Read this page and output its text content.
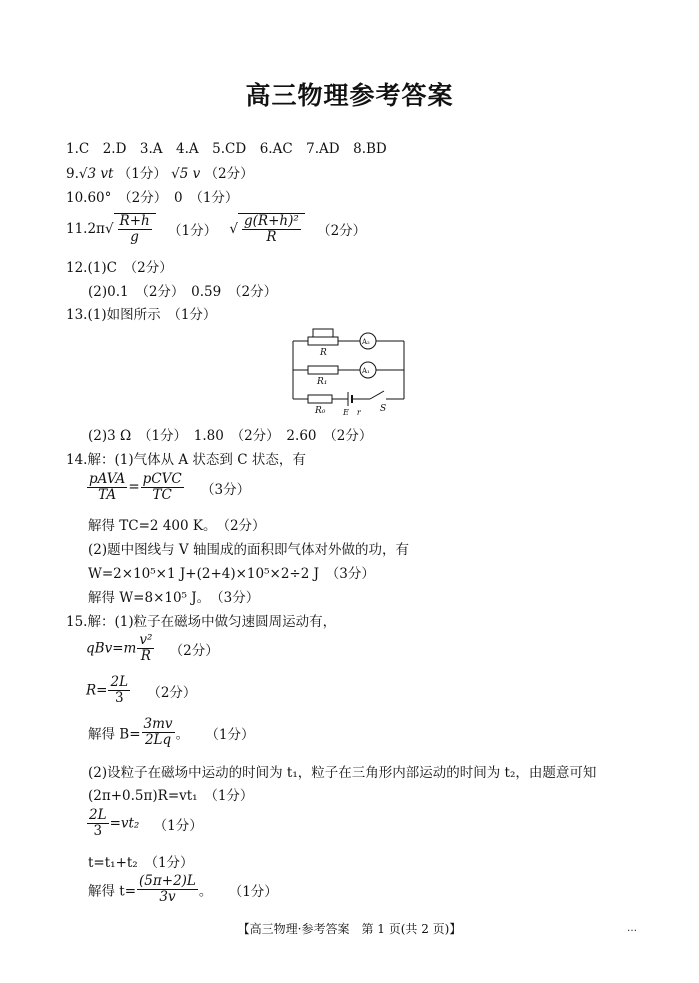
高三物理参考答案
1.C　2.D　3.A　4.A　5.CD　6.AC　7.AD　8.BD
9.√3 vt （1分） √5 v （2分）
10.60°　（2分）　0　（1分）
$11.2\pi√ \frac{R+h}{g} (1$分） √ $\frac{\text{g(R+h)²}}{R} (2$分）
12.(1)C　（2分）
(2)0.1　（2分）　0.59　（2分）
13.(1)如图所示　（1分）
R
A₂
A₁
R₁
R₀ E　r S
(2)3 Ω　（1分）　1.80　（2分）　2.60　（2分）
14.解：(1)气体从 A 状态到 C 状态，有
$\frac{\text{pAVA}}{TA} = \frac{\text{pCVC}}{TC} (3$分）
解得 TC=2 400 K。　（2分）
(2)题中图线与 V 轴围成的面积即气体对外做的功，有
W=2×10⁵×1 J+(2+4)×10⁵×2÷2 J　（3分）
解得 W=8×10⁵ J。　（3分）
15.解：(1)粒子在磁场中做匀速圆周运动有，
$qBv=m \frac{\text{v²}}{R} (2$分）
$R= \frac{2L}{3} (2$分）
解得 $B= \frac{3mv}{2Lq}$ 。 （1分）
(2)设粒子在磁场中运动的时间为 t₁，粒子在三角形内部运动的时间为 t₂，由题意可知
(2π+0.5π)R=vt₁　（1分）
$\frac{2L}{3} =vt_2$ （1分）
t=t₁+t₂　（1分）
解得 $t= \frac{(5\pi+2)L}{3v}$ 。 （1分）
【高三物理·参考答案　第 1 页(共 2 页)】	…
